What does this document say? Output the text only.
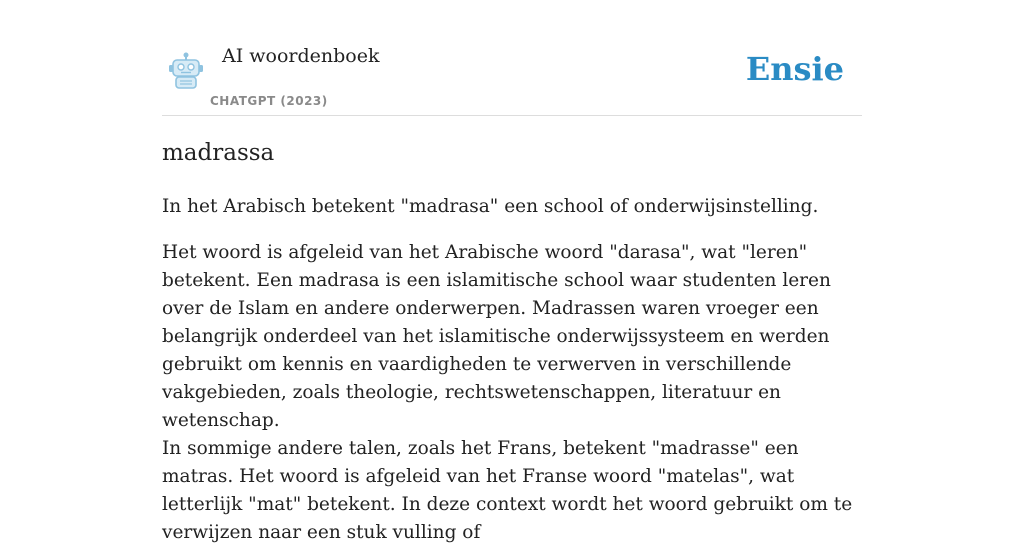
AI woordenboek
CHATGPT (2023)
Ensie
madrassa
In het Arabisch betekent "madrasa" een school of onderwijsinstelling.
Het woord is afgeleid van het Arabische woord "darasa", wat "leren" betekent. Een madrasa is een islamitische school waar studenten leren over de Islam en andere onderwerpen. Madrassen waren vroeger een belangrijk onderdeel van het islamitische onderwijssysteem en werden gebruikt om kennis en vaardigheden te verwerven in verschillende vakgebieden, zoals theologie, rechtswetenschappen, literatuur en wetenschap.
In sommige andere talen, zoals het Frans, betekent "madrasse" een matras. Het woord is afgeleid van het Franse woord "matelas", wat letterlijk "mat" betekent. In deze context wordt het woord gebruikt om te verwijzen naar een stuk vulling of
